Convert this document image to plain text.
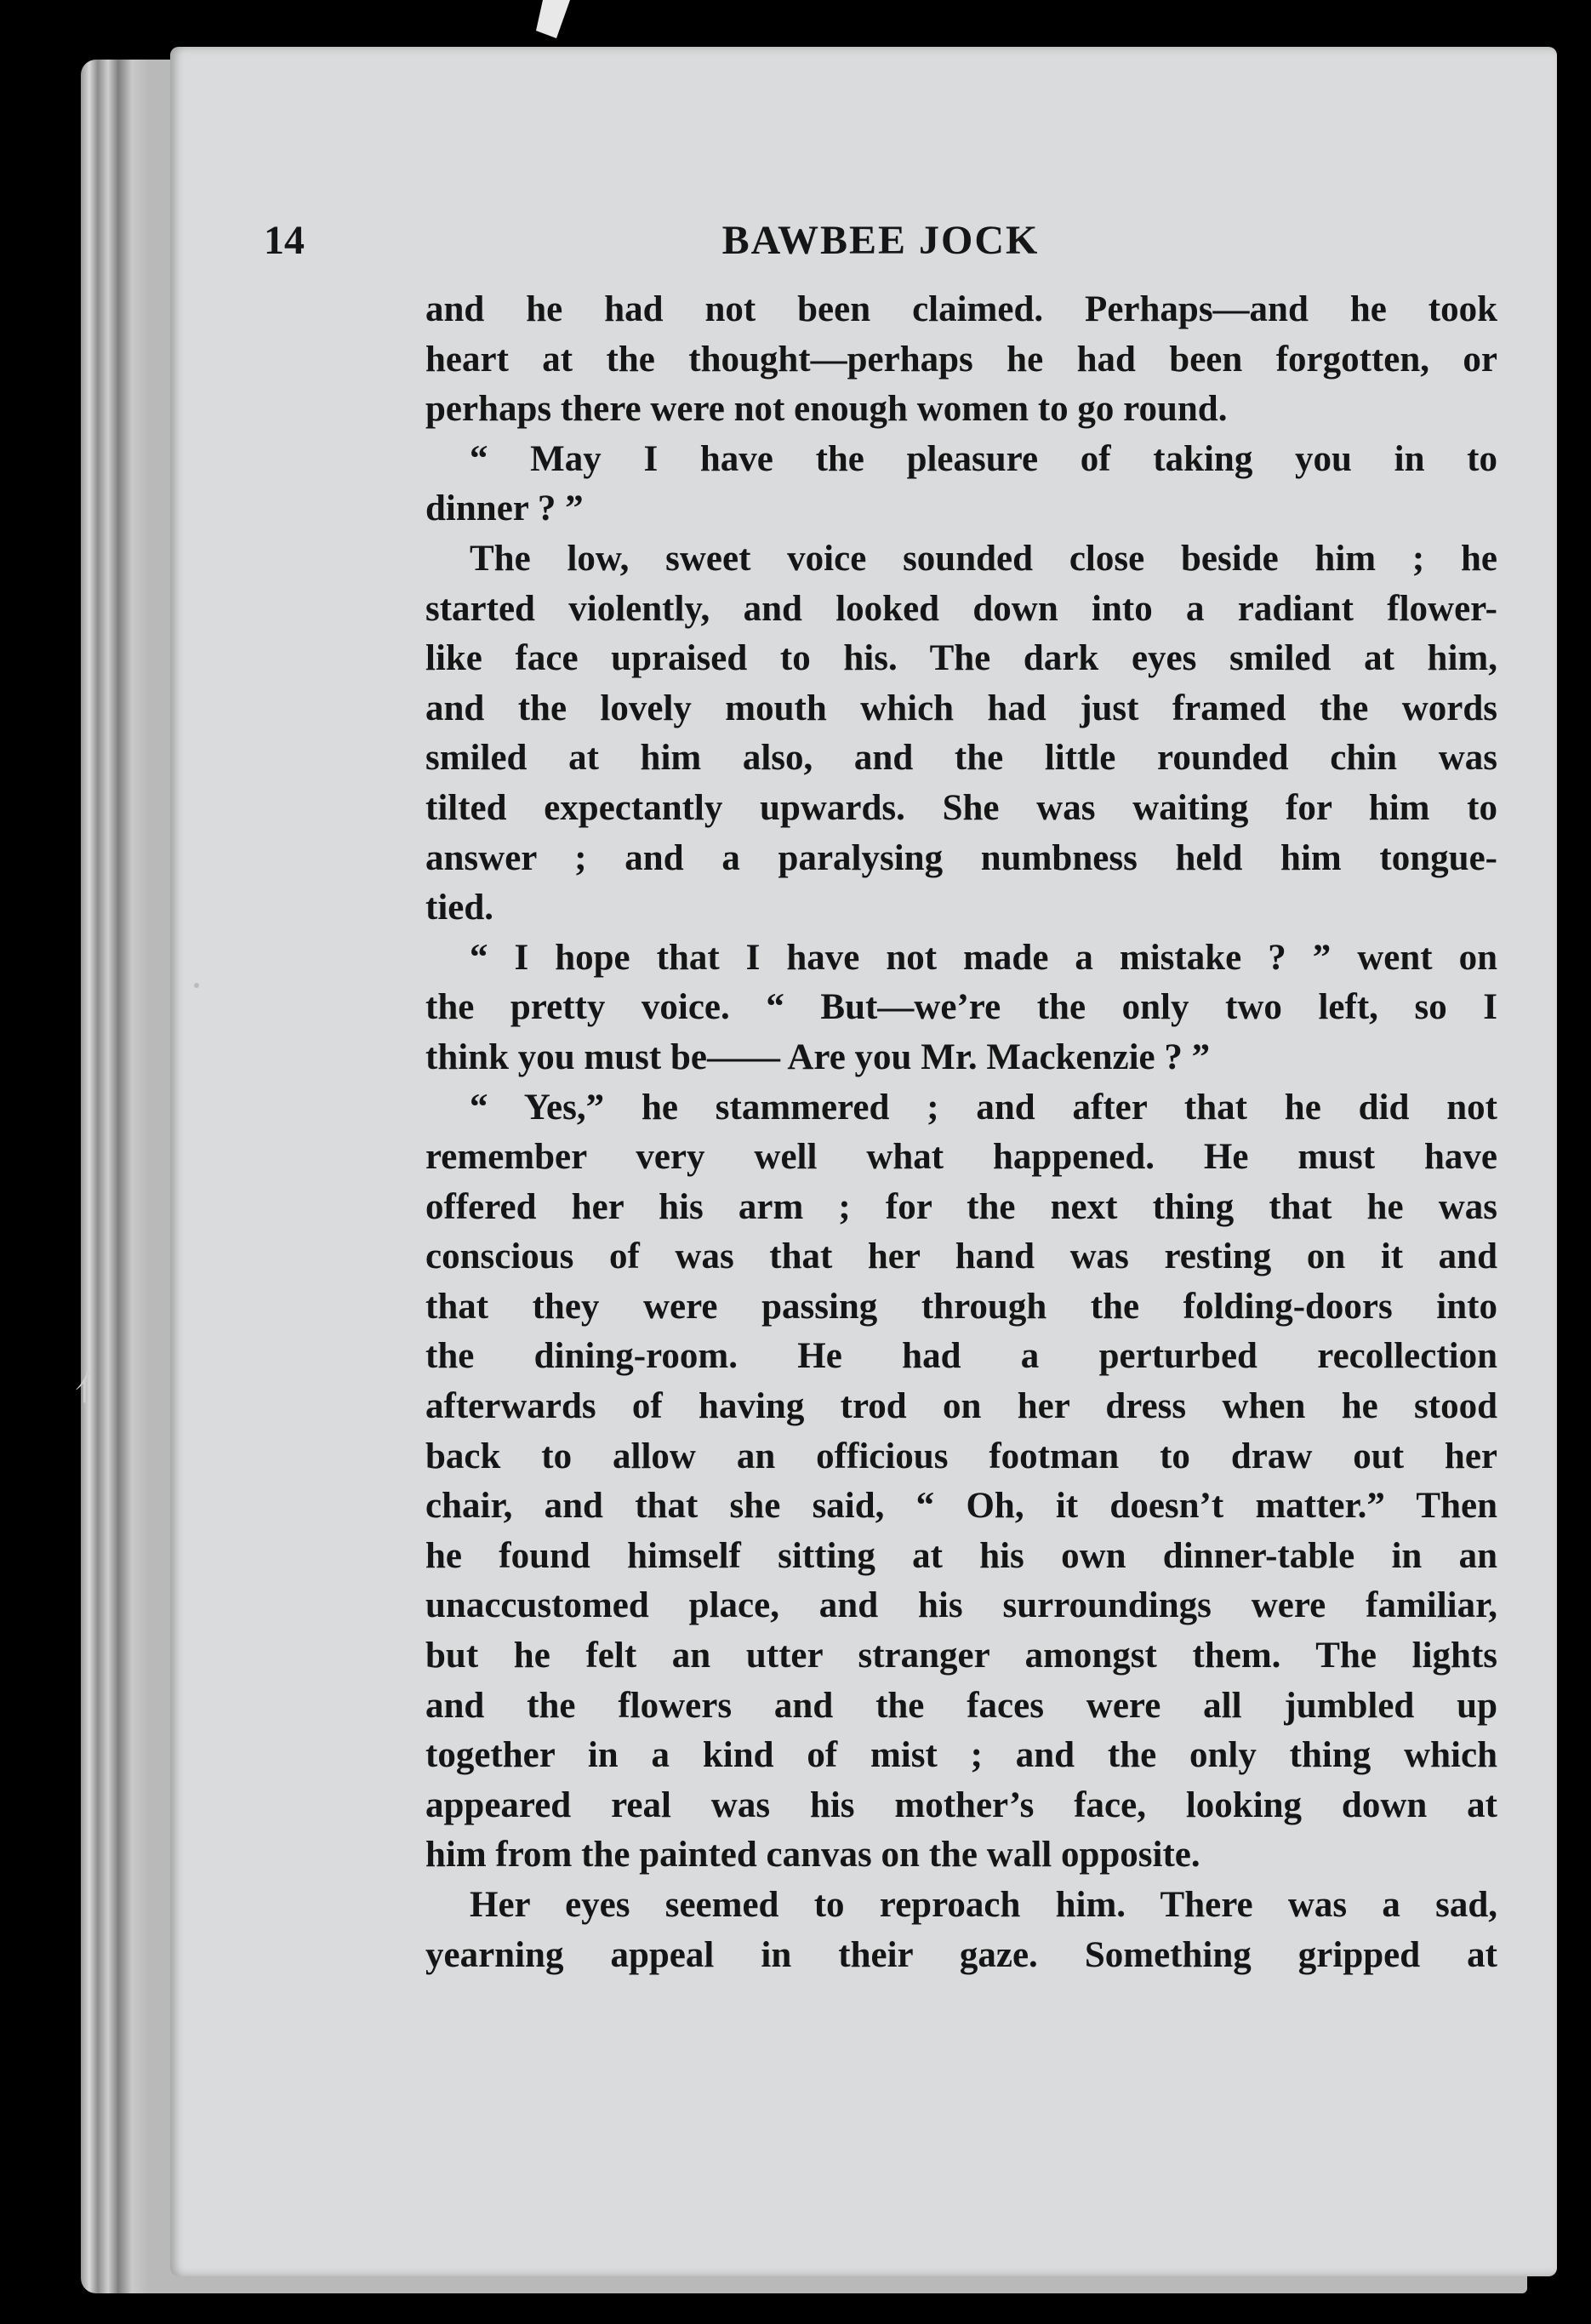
⺅
14	BAWBEE JOCK
and he had not been claimed. Perhaps—and he took
heart at the thought—perhaps he had been forgotten, or
perhaps there were not enough women to go round.
“ May I have the pleasure of taking you in to
dinner ? ”
The low, sweet voice sounded close beside him ; he
started violently, and looked down into a radiant flower-
like face upraised to his. The dark eyes smiled at him,
and the lovely mouth which had just framed the words
smiled at him also, and the little rounded chin was
tilted expectantly upwards. She was waiting for him to
answer ; and a paralysing numbness held him tongue-
tied.
“ I hope that I have not made a mistake ? ” went on
the pretty voice. “ But—we’re the only two left, so I
think you must be—— Are you Mr. Mackenzie ? ”
“ Yes,” he stammered ; and after that he did not
remember very well what happened. He must have
offered her his arm ; for the next thing that he was
conscious of was that her hand was resting on it and
that they were passing through the folding-doors into
the dining-room. He had a perturbed recollection
afterwards of having trod on her dress when he stood
back to allow an officious footman to draw out her
chair, and that she said, “ Oh, it doesn’t matter.” Then
he found himself sitting at his own dinner-table in an
unaccustomed place, and his surroundings were familiar,
but he felt an utter stranger amongst them. The lights
and the flowers and the faces were all jumbled up
together in a kind of mist ; and the only thing which
appeared real was his mother’s face, looking down at
him from the painted canvas on the wall opposite.
Her eyes seemed to reproach him. There was a sad,
yearning appeal in their gaze. Something gripped at
